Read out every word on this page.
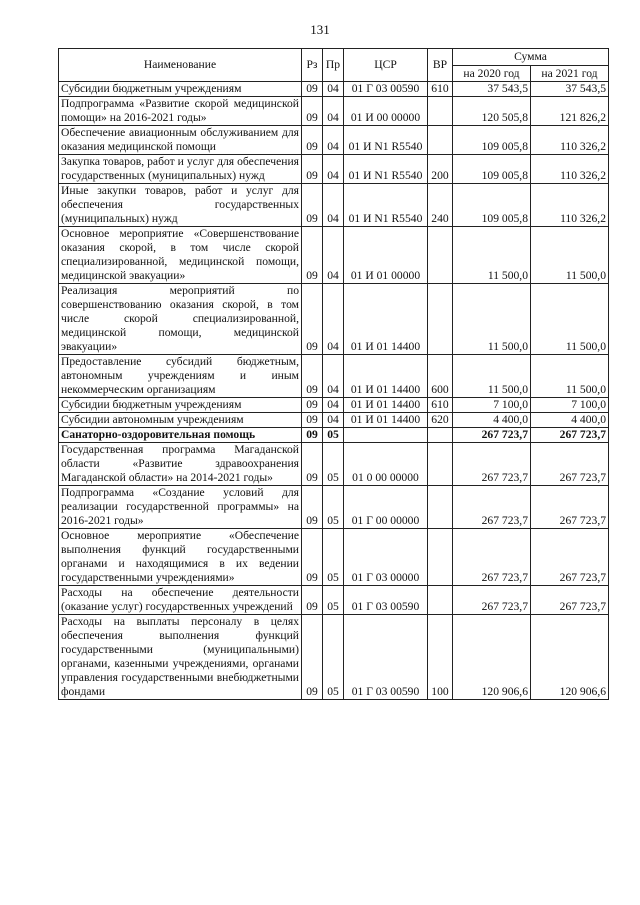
131
Наименование	Рз	Пр	ЦСР	ВР	Сумма	
					на 2020 год	на 2021 год
Субсидии бюджетным учреждениям	09	04	01 Г 03 00590	610	37 543,5	37 543,5
Подпрограмма «Развитие скорой медицинской помощи» на 2016-2021 годы»	09	04	01 И 00 00000		120 505,8	121 826,2
Обеспечение авиационным обслуживанием для оказания медицинской помощи	09	04	01 И N1 R5540		109 005,8	110 326,2
Закупка товаров, работ и услуг для обеспечения государственных (муниципальных) нужд	09	04	01 И N1 R5540	200	109 005,8	110 326,2
Иные закупки товаров, работ и услуг для обеспечения государственных (муниципальных) нужд	09	04	01 И N1 R5540	240	109 005,8	110 326,2
Основное мероприятие «Совершенствование оказания скорой, в том числе скорой специализированной, медицинской помощи, медицинской эвакуации»	09	04	01 И 01 00000		11 500,0	11 500,0
Реализация мероприятий по совершенствованию оказания скорой, в том числе скорой специализированной, медицинской помощи, медицинской эвакуации»	09	04	01 И 01 14400		11 500,0	11 500,0
Предоставление субсидий бюджетным, автономным учреждениям и иным некоммерческим организациям	09	04	01 И 01 14400	600	11 500,0	11 500,0
Субсидии бюджетным учреждениям	09	04	01 И 01 14400	610	7 100,0	7 100,0
Субсидии автономным учреждениям	09	04	01 И 01 14400	620	4 400,0	4 400,0
Санаторно-оздоровительная помощь	09	05			267 723,7	267 723,7
Государственная программа Магаданской области «Развитие здравоохранения Магаданской области» на 2014-2021 годы»	09	05	01 0 00 00000		267 723,7	267 723,7
Подпрограмма «Создание условий для реализации государственной программы» на 2016-2021 годы»	09	05	01 Г 00 00000		267 723,7	267 723,7
Основное мероприятие «Обеспечение выполнения функций государственными органами и находящимися в их ведении государственными учреждениями»	09	05	01 Г 03 00000		267 723,7	267 723,7
Расходы на обеспечение деятельности (оказание услуг) государственных учреждений	09	05	01 Г 03 00590		267 723,7	267 723,7
Расходы на выплаты персоналу в целях обеспечения выполнения функций государственными (муниципальными) органами, казенными учреждениями, органами управления государственными внебюджетными фондами	09	05	01 Г 03 00590	100	120 906,6	120 906,6
